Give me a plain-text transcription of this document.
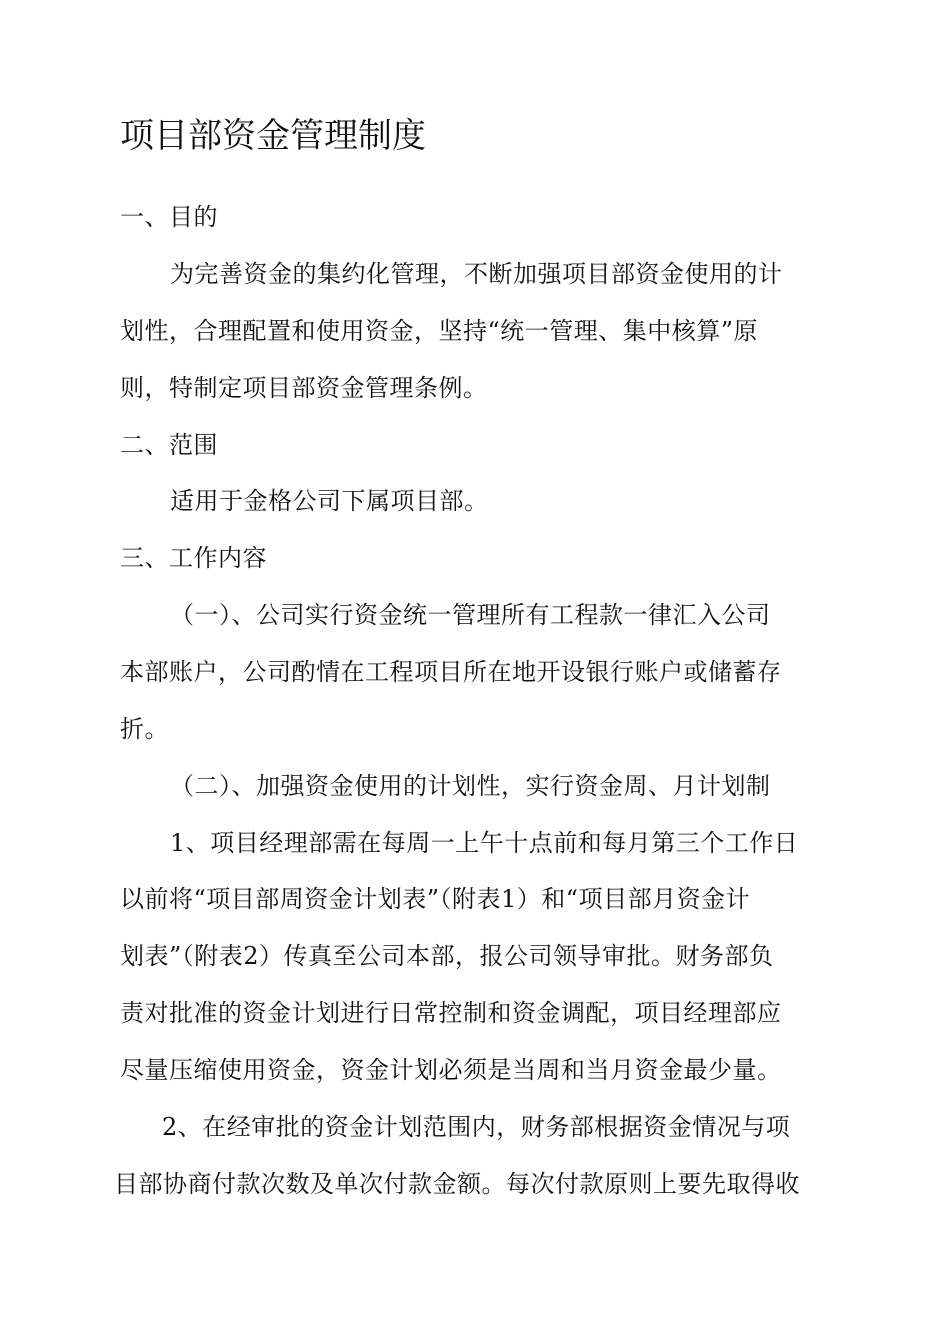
项目部资金管理制度
一、目的
为完善资金的集约化管理，不断加强项目部资金使用的计
划性，合理配置和使用资金，坚持“统一管理、集中核算”原
则，特制定项目部资金管理条例。
二、范围
适用于金格公司下属项目部。
三、工作内容
（一）、公司实行资金统一管理所有工程款一律汇入公司
本部账户，公司酌情在工程项目所在地开设银行账户或储蓄存
折。
（二）、加强资金使用的计划性，实行资金周、月计划制
1、项目经理部需在每周一上午十点前和每月第三个工作日
以前将“项目部周资金计划表”（附表1）和“项目部月资金计
划表”（附表2）传真至公司本部，报公司领导审批。财务部负
责对批准的资金计划进行日常控制和资金调配，项目经理部应
尽量压缩使用资金，资金计划必须是当周和当月资金最少量。
2、在经审批的资金计划范围内，财务部根据资金情况与项
目部协商付款次数及单次付款金额。每次付款原则上要先取得收
